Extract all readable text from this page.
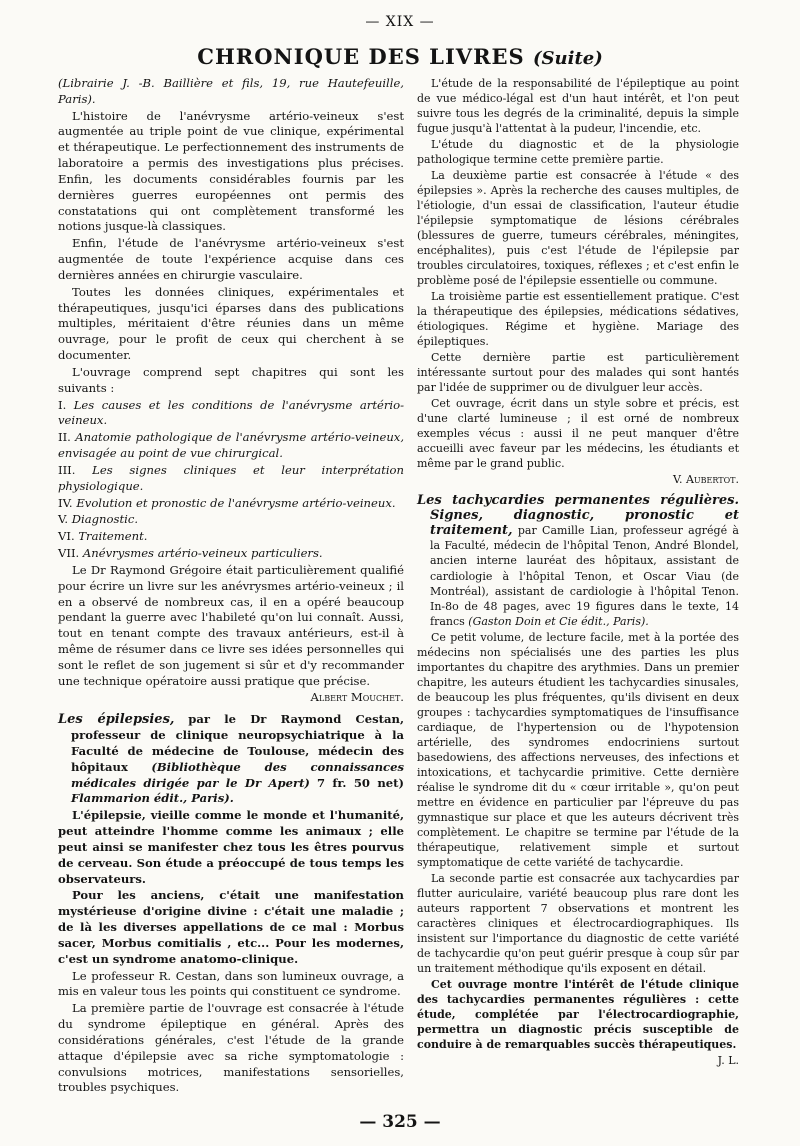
— XIX —
CHRONIQUE DES LIVRES (Suite)

(Librairie J. -B. Baillière et fils, 19, rue Hautefeuille, Paris).

L'histoire de l'anévrysme artério-veineux s'est augmentée au triple point de vue clinique, expérimental et thérapeutique. Le perfectionnement des instruments de laboratoire a permis des investigations plus précises. Enfin, les documents considérables fournis par les dernières guerres européennes ont permis des constatations qui ont complètement transformé les notions jusque-là classiques.

Enfin, l'étude de l'anévrysme artério-veineux s'est augmentée de toute l'expérience acquise dans ces dernières années en chirurgie vasculaire.

Toutes les données cliniques, expérimentales et thérapeutiques, jusqu'ici éparses dans des publications multiples, méritaient d'être réunies dans un même ouvrage, pour le profit de ceux qui cherchent à se documenter.

L'ouvrage comprend sept chapitres qui sont les suivants :

I. Les causes et les conditions de l'anévrysme artério-veineux.

II. Anatomie pathologique de l'anévrysme artério-veineux, envisagée au point de vue chirurgical.

III. Les signes cliniques et leur interprétation physiologique.

IV. Evolution et pronostic de l'anévrysme artério-veineux.

V. Diagnostic.

VI. Traitement.

VII. Anévrysmes artério-veineux particuliers.

Le Dr Raymond Grégoire était particulièrement qualifié pour écrire un livre sur les anévrysmes artério-veineux ; il en a observé de nombreux cas, il en a opéré beaucoup pendant la guerre avec l'habileté qu'on lui connaît. Aussi, tout en tenant compte des travaux antérieurs, est-il à même de résumer dans ce livre ses idées personnelles qui sont le reflet de son jugement si sûr et d'y recommander une technique opératoire aussi pratique que précise.

Albert Mouchet.

Les épilepsies, par le Dr Raymond Cestan, professeur de clinique neuropsychiatrique à la Faculté de médecine de Toulouse, médecin des hôpitaux (Bibliothèque des connaissances médicales dirigée par le Dr Apert) 7 fr. 50 net) Flammarion édit., Paris).

L'épilepsie, vieille comme le monde et l'humanité, peut atteindre l'homme comme les animaux ; elle peut ainsi se manifester chez tous les êtres pourvus de cerveau. Son étude a préoccupé de tous temps les observateurs.

Pour les anciens, c'était une manifestation mystérieuse d'origine divine : c'était une maladie ; de là les diverses appellations de ce mal : Morbus sacer, Morbus comitialis , etc... Pour les modernes, c'est un syndrome anatomo-clinique.

Le professeur R. Cestan, dans son lumineux ouvrage, a mis en valeur tous les points qui constituent ce syndrome.

La première partie de l'ouvrage est consacrée à l'étude du syndrome épileptique en général. Après des considérations générales, c'est l'étude de la grande attaque d'épilepsie avec sa riche symptomatologie : convulsions motrices, manifestations sensorielles, troubles psychiques.

L'étude de la responsabilité de l'épileptique au point de vue médico-légal est d'un haut intérêt, et l'on peut suivre tous les degrés de la criminalité, depuis la simple fugue jusqu'à l'attentat à la pudeur, l'incendie, etc.

L'étude du diagnostic et de la physiologie pathologique termine cette première partie.

La deuxième partie est consacrée à l'étude « des épilepsies ». Après la recherche des causes multiples, de l'étiologie, d'un essai de classification, l'auteur étudie l'épilepsie symptomatique de lésions cérébrales (blessures de guerre, tumeurs cérébrales, méningites, encéphalites), puis c'est l'étude de l'épilepsie par troubles circulatoires, toxiques, réflexes ; et c'est enfin le problème posé de l'épilepsie essentielle ou commune.

La troisième partie est essentiellement pratique. C'est la thérapeutique des épilepsies, médications sédatives, étiologiques. Régime et hygiène. Mariage des épileptiques.

Cette dernière partie est particulièrement intéressante surtout pour des malades qui sont hantés par l'idée de supprimer ou de divulguer leur accès.

Cet ouvrage, écrit dans un style sobre et précis, est d'une clarté lumineuse ; il est orné de nombreux exemples vécus : aussi il ne peut manquer d'être accueilli avec faveur par les médecins, les étudiants et même par le grand public.

V. Aubertot.

Les tachycardies permanentes régulières. Signes, diagnostic, pronostic et traitement, par Camille Lian, professeur agrégé à la Faculté, médecin de l'hôpital Tenon, André Blondel, ancien interne lauréat des hôpitaux, assistant de cardiologie à l'hôpital Tenon, et Oscar Viau (de Montréal), assistant de cardiologie à l'hôpital Tenon. In-8o de 48 pages, avec 19 figures dans le texte, 14 francs (Gaston Doin et Cie édit., Paris).

Ce petit volume, de lecture facile, met à la portée des médecins non spécialisés une des parties les plus importantes du chapitre des arythmies. Dans un premier chapitre, les auteurs étudient les tachycardies sinusales, de beaucoup les plus fréquentes, qu'ils divisent en deux groupes : tachycardies symptomatiques de l'insuffisance cardiaque, de l'hypertension ou de l'hypotension artérielle, des syndromes endocriniens surtout basedowiens, des affections nerveuses, des infections et intoxications, et tachycardie primitive. Cette dernière réalise le syndrome dit du « cœur irritable », qu'on peut mettre en évidence en particulier par l'épreuve du pas gymnastique sur place et que les auteurs décrivent très complètement. Le chapitre se termine par l'étude de la thérapeutique, relativement simple et surtout symptomatique de cette variété de tachycardie.

La seconde partie est consacrée aux tachycardies par flutter auriculaire, variété beaucoup plus rare dont les auteurs rapportent 7 observations et montrent les caractères cliniques et électrocardiographiques. Ils insistent sur l'importance du diagnostic de cette variété de tachycardie qu'on peut guérir presque à coup sûr par un traitement méthodique qu'ils exposent en détail.

Cet ouvrage montre l'intérêt de l'étude clinique des tachycardies permanentes régulières : cette étude, complétée par l'électrocardiographie, permettra un diagnostic précis susceptible de conduire à de remarquables succès thérapeutiques.

J. L.

— 325 —
